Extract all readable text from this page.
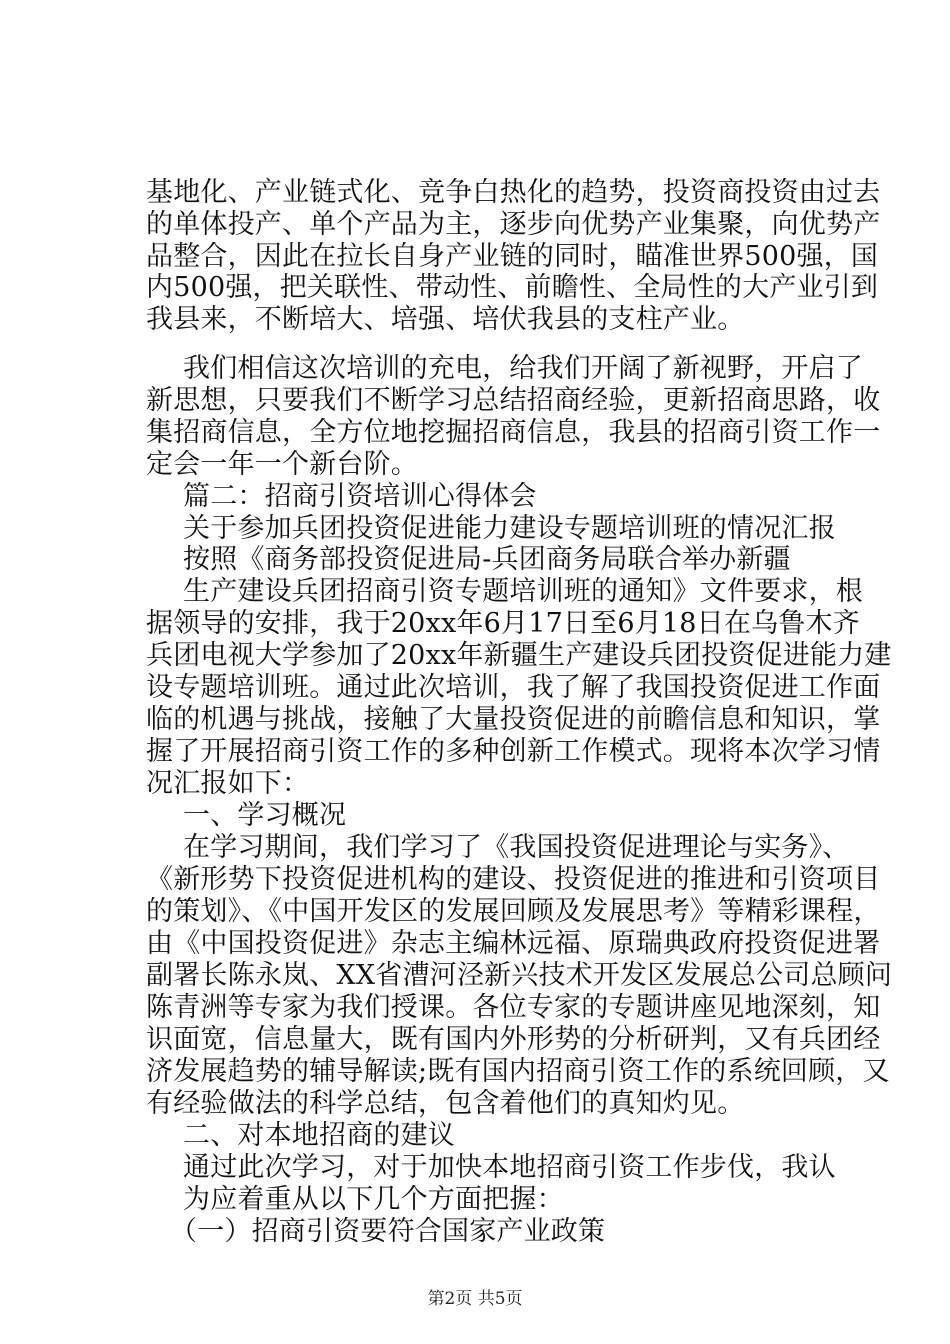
基地化、产业链式化、竞争白热化的趋势，投资商投资由过去
的单体投产、单个产品为主，逐步向优势产业集聚，向优势产
品整合，因此在拉长自身产业链的同时，瞄准世界500强，国
内500强，把关联性、带动性、前瞻性、全局性的大产业引到
我县来，不断培大、培强、培伏我县的支柱产业。
我们相信这次培训的充电，给我们开阔了新视野，开启了
新思想，只要我们不断学习总结招商经验，更新招商思路，收
集招商信息，全方位地挖掘招商信息，我县的招商引资工作一
定会一年一个新台阶。
篇二：招商引资培训心得体会
关于参加兵团投资促进能力建设专题培训班的情况汇报
按照《商务部投资促进局-兵团商务局联合举办新疆
生产建设兵团招商引资专题培训班的通知》文件要求，根
据领导的安排，我于20xx年6月17日至6月18日在乌鲁木齐
兵团电视大学参加了20xx年新疆生产建设兵团投资促进能力建
设专题培训班。通过此次培训，我了解了我国投资促进工作面
临的机遇与挑战，接触了大量投资促进的前瞻信息和知识，掌
握了开展招商引资工作的多种创新工作模式。现将本次学习情
况汇报如下：
一、学习概况
在学习期间，我们学习了《我国投资促进理论与实务》、
《新形势下投资促进机构的建设、投资促进的推进和引资项目
的策划》、《中国开发区的发展回顾及发展思考》等精彩课程，
由《中国投资促进》杂志主编林远福、原瑞典政府投资促进署
副署长陈永岚、XX省漕河泾新兴技术开发区发展总公司总顾问
陈青洲等专家为我们授课。各位专家的专题讲座见地深刻，知
识面宽，信息量大，既有国内外形势的分析研判，又有兵团经
济发展趋势的辅导解读;既有国内招商引资工作的系统回顾，又
有经验做法的科学总结，包含着他们的真知灼见。
二、对本地招商的建议
通过此次学习，对于加快本地招商引资工作步伐，我认
为应着重从以下几个方面把握：
（一）招商引资要符合国家产业政策
第2页 共5页
